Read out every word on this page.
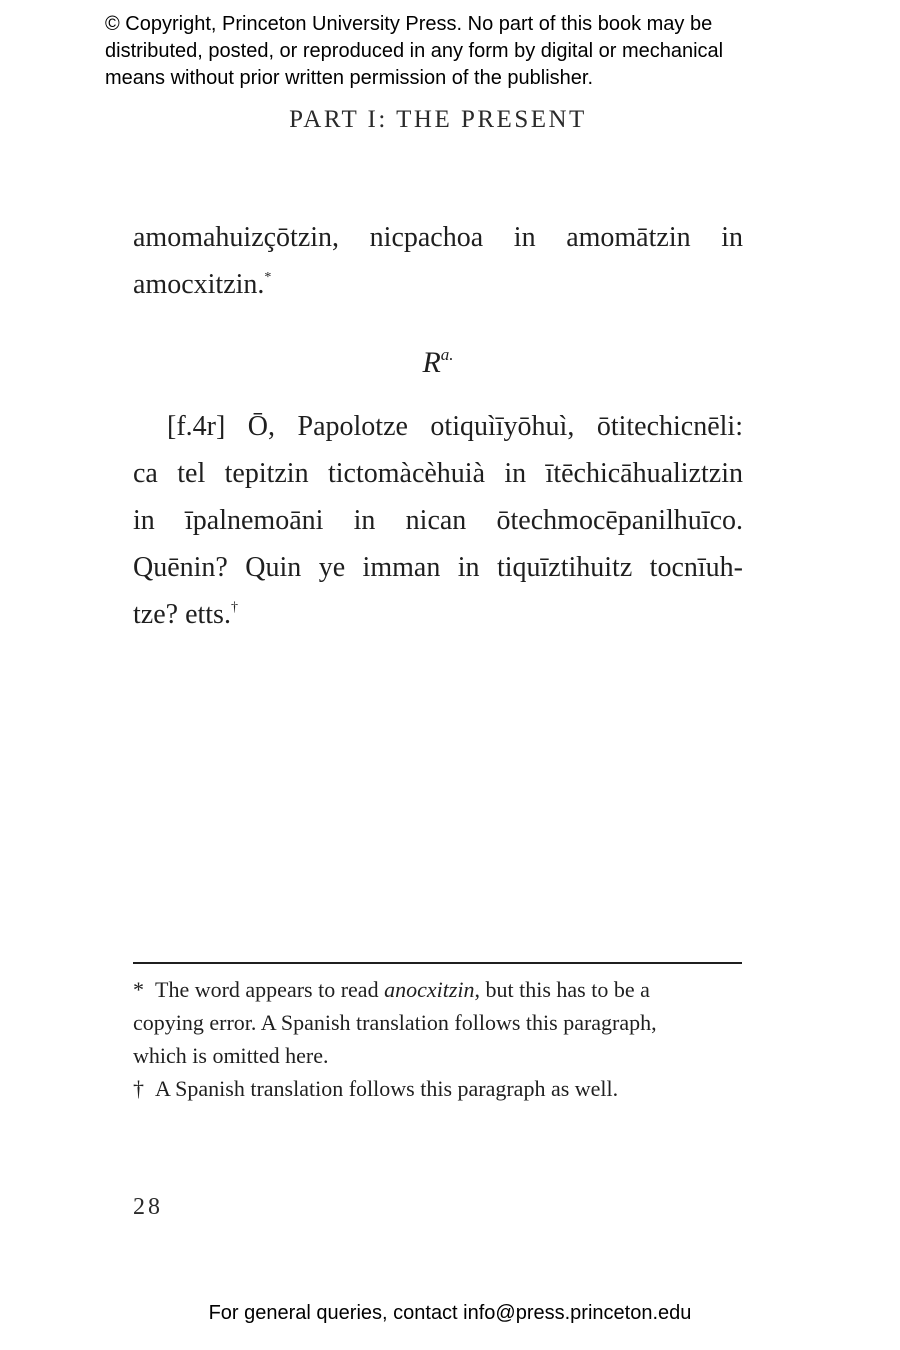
© Copyright, Princeton University Press. No part of this book may be
distributed, posted, or reproduced in any form by digital or mechanical
means without prior written permission of the publisher.
PART I: THE PRESENT
amomahuizçōtzin, nicpachoa in amomātzin in
amocxitzin.*
$R^{a.}$
[f.4r] Ō, Papolotze otiquìīyōhuì, ōtitechicnēli:
ca tel tepitzin tictomàcèhuià in ītēchicāhualiztzin
in īpalnemoāni in nican ōtechmocēpanilhuīco.
Quēnin? Quin ye imman in tiquīztihuitz tocnīuh-
tze? etts.†
* The word appears to read anocxitzin, but this has to be a
copying error. A Spanish translation follows this paragraph,
which is omitted here.
† A Spanish translation follows this paragraph as well.
28
For general queries, contact info@press.princeton.edu
